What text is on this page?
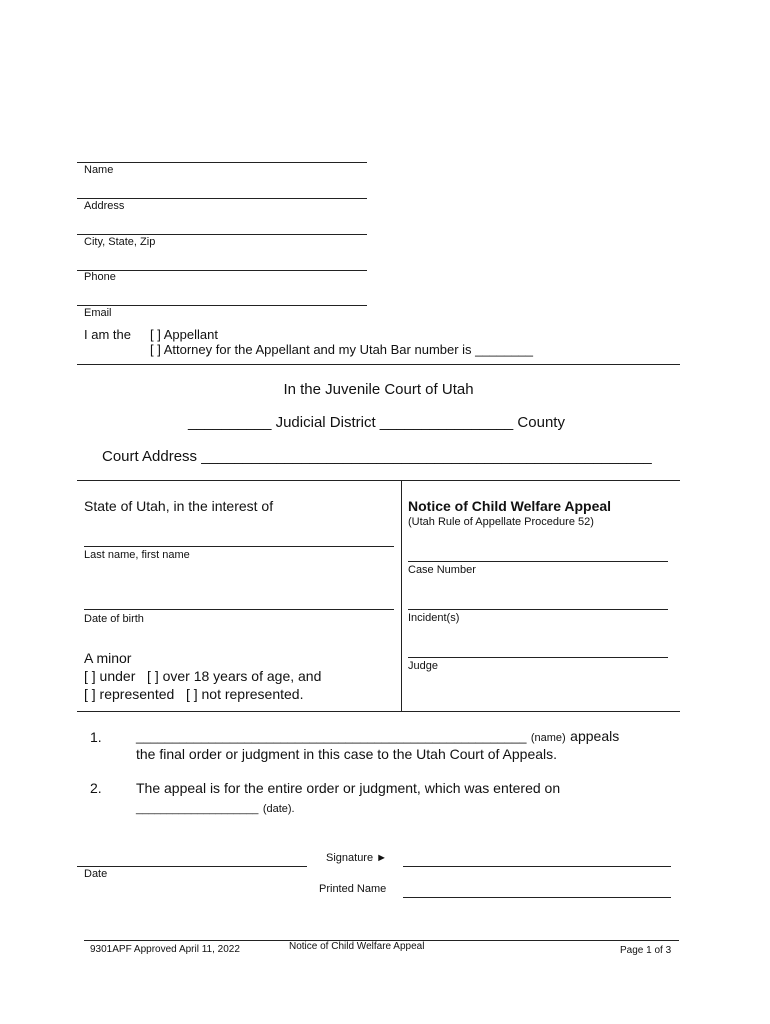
Name
Address
City, State, Zip
Phone
Email
I am the [ ] Appellant
[ ] Attorney for the Appellant and my Utah Bar number is ________
In the Juvenile Court of Utah
__________ Judicial District ________________ County
Court Address ______________________________________________________
State of Utah, in the interest of
Last name, first name
Date of birth
A minor
[ ] under   [ ] over 18 years of age, and
[ ] represented   [ ] not represented.
Notice of Child Welfare Appeal
(Utah Rule of Appellate Procedure 52)
Case Number
Incident(s)
Judge
1.	______________________________________________________ (name) appeals
the final order or judgment in this case to the Utah Court of Appeals.
2. The appeal is for the entire order or judgment, which was entered on
____________________ (date).
Date
Signature ►
Printed Name
9301APF Approved April 11, 2022	Notice of Child Welfare Appeal	Page 1 of 3
